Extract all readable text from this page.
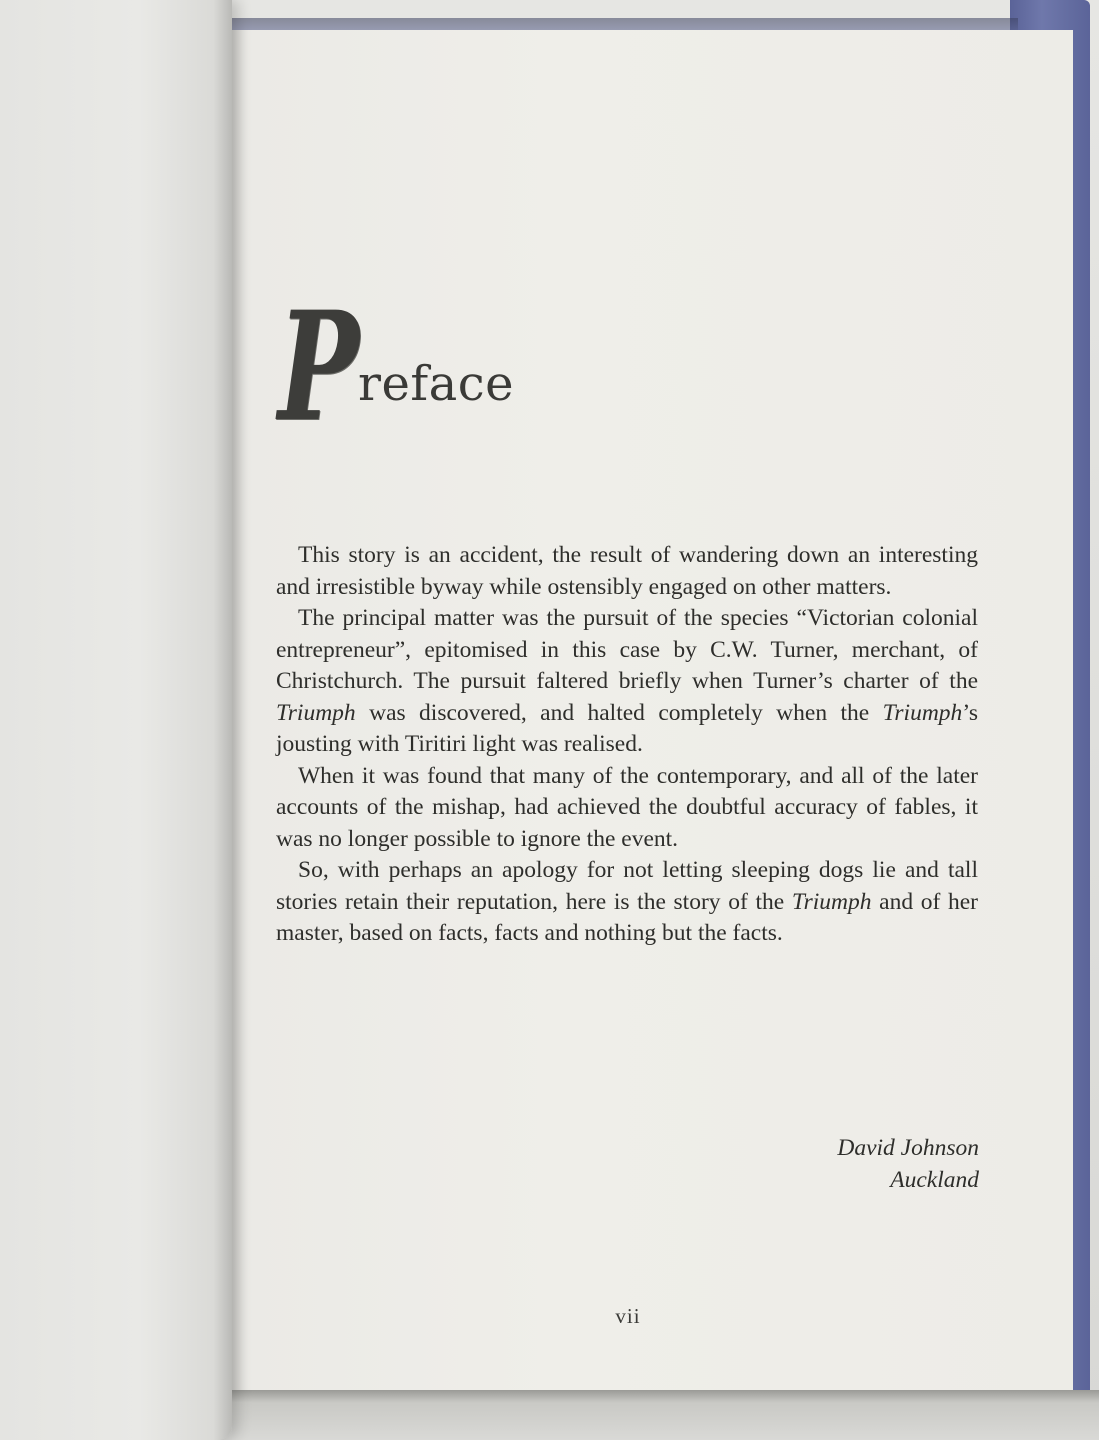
P
reface

This story is an accident, the result of wandering down an interesting and irresistible byway while ostensibly engaged on other matters.

The principal matter was the pursuit of the species “Victorian colonial entrepreneur”, epitomised in this case by C.W. Turner, merchant, of Christchurch. The pursuit faltered briefly when Turner’s charter of the Triumph was discovered, and halted completely when the Triumph’s jousting with Tiritiri light was realised.

When it was found that many of the contemporary, and all of the later accounts of the mishap, had achieved the doubtful accuracy of fables, it was no longer possible to ignore the event.

So, with perhaps an apology for not letting sleeping dogs lie and tall stories retain their reputation, here is the story of the Triumph and of her master, based on facts, facts and nothing but the facts.

David Johnson
Auckland
vii
